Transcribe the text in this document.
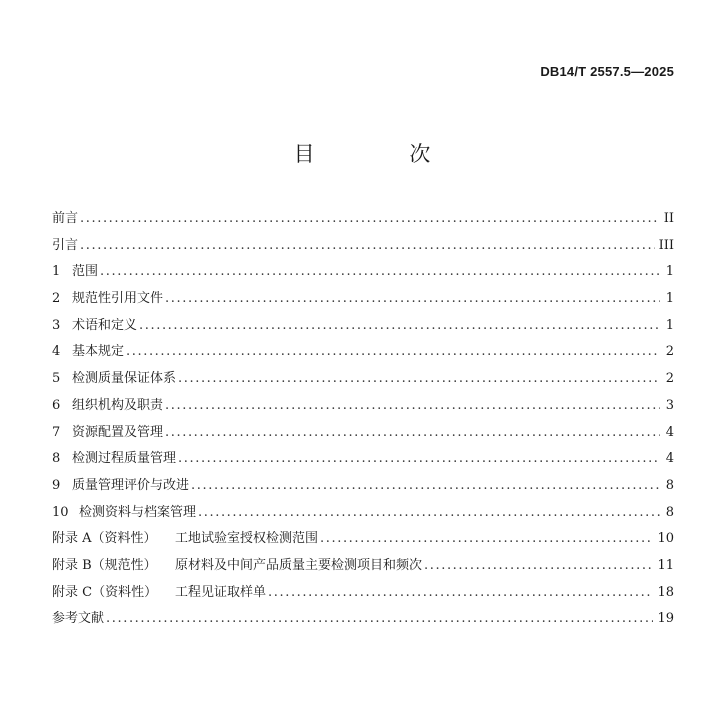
DB14/T 2557.5—2025
目 次
前言 .....	II
引言 .....	III
1 范围 .....	1
2 规范性引用文件 .....	1
3 术语和定义 .....	1
4 基本规定 .....	2
5 检测质量保证体系 .....	2
6 组织机构及职责 .....	3
7 资源配置及管理 .....	4
8 检测过程质量管理 .....	4
9 质量管理评价与改进 .....	8
10 检测资料与档案管理 .....	8
附录 A（资料性）	工地试验室授权检测范围 .....	10
附录 B（规范性）	原材料及中间产品质量主要检测项目和频次 .....	11
附录 C（资料性）	工程见证取样单 .....	18
参考文献 .....	19
